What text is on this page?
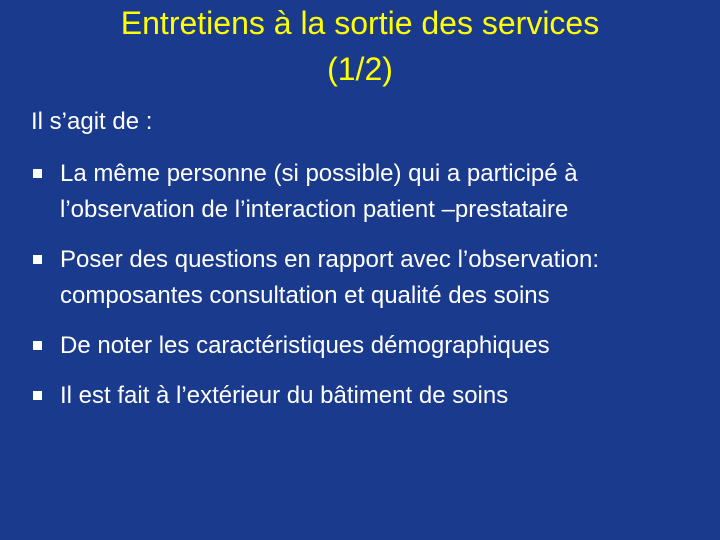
Entretiens à la sortie des services
(1/2)

Il s’agit de :

La même personne (si possible) qui a participé à l’observation de l’interaction patient –prestataire
Poser des questions en rapport avec l’observation: composantes consultation et qualité des soins
De noter les caractéristiques démographiques
Il est fait à l’extérieur du bâtiment de soins
